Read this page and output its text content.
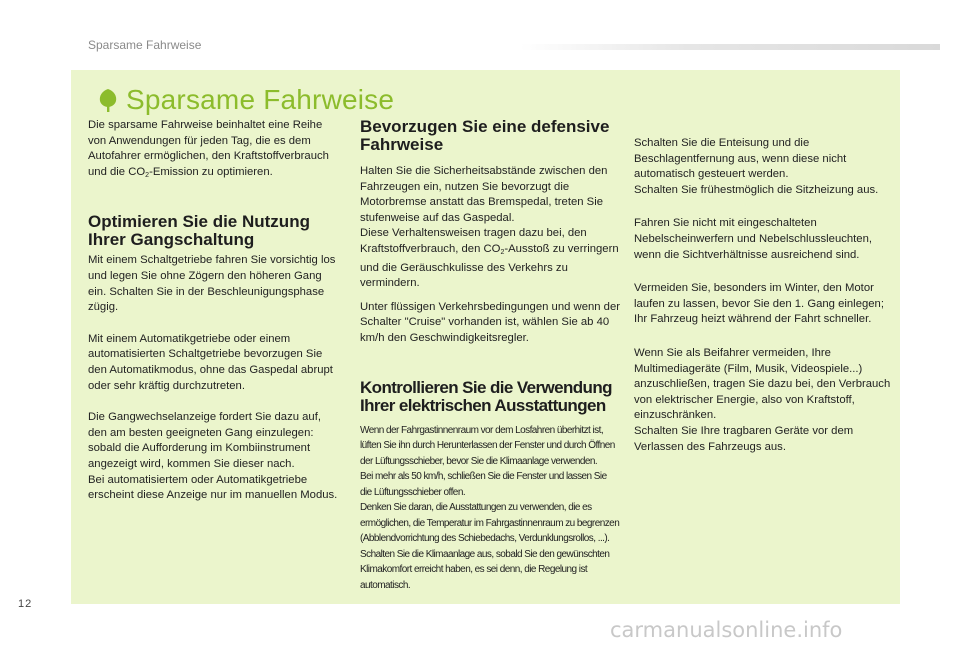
Sparsame Fahrweise
Sparsame Fahrweise

Die sparsame Fahrweise beinhaltet eine Reihe von Anwendungen für jeden Tag, die es dem Autofahrer ermöglichen, den Kraftstoffverbrauch und die $CO_2$-Emission zu optimieren.

Optimieren Sie die Nutzung Ihrer Gangschaltung

Mit einem Schaltgetriebe fahren Sie vorsichtig los und legen Sie ohne Zögern den höheren Gang ein. Schalten Sie in der Beschleunigungsphase zügig.

Mit einem Automatikgetriebe oder einem automatisierten Schaltgetriebe bevorzugen Sie den Automatikmodus, ohne das Gaspedal abrupt oder sehr kräftig durchzutreten.

Die Gangwechselanzeige fordert Sie dazu auf, den am besten geeigneten Gang einzulegen: sobald die Aufforderung im Kombiinstrument angezeigt wird, kommen Sie dieser nach.

Bei automatisiertem oder Automatikgetriebe erscheint diese Anzeige nur im manuellen Modus.

Bevorzugen Sie eine defensive Fahrweise

Halten Sie die Sicherheitsabstände zwischen den Fahrzeugen ein, nutzen Sie bevorzugt die Motorbremse anstatt das Bremspedal, treten Sie stufenweise auf das Gaspedal.

Diese Verhaltensweisen tragen dazu bei, den Kraftstoffverbrauch, den $CO_2$-Ausstoß zu verringern und die Geräuschkulisse des Verkehrs zu vermindern.

Unter flüssigen Verkehrsbedingungen und wenn der Schalter "Cruise" vorhanden ist, wählen Sie ab 40 km/h den Geschwindigkeitsregler.

Kontrollieren Sie die Verwendung Ihrer elektrischen Ausstattungen
Wenn der Fahrgastinnenraum vor dem Losfahren überhitzt ist, lüften Sie ihn durch Herunterlassen der Fenster und durch Öffnen der Lüftungsschieber, bevor Sie die Klimaanlage verwenden.
Bei mehr als 50 km/h, schließen Sie die Fenster und lassen Sie die Lüftungsschieber offen.
Denken Sie daran, die Ausstattungen zu verwenden, die es ermöglichen, die Temperatur im Fahrgastinnenraum zu begrenzen (Abblendvorrichtung des Schiebedachs, Verdunklungsrollos, ...).
Schalten Sie die Klimaanlage aus, sobald Sie den gewünschten Klimakomfort erreicht haben, es sei denn, die Regelung ist automatisch.

Schalten Sie die Enteisung und die Beschlagentfernung aus, wenn diese nicht automatisch gesteuert werden.

Schalten Sie frühestmöglich die Sitzheizung aus.

Fahren Sie nicht mit eingeschalteten Nebelscheinwerfern und Nebelschlussleuchten, wenn die Sichtverhältnisse ausreichend sind.

Vermeiden Sie, besonders im Winter, den Motor laufen zu lassen, bevor Sie den 1. Gang einlegen; Ihr Fahrzeug heizt während der Fahrt schneller.

Wenn Sie als Beifahrer vermeiden, Ihre Multimediageräte (Film, Musik, Videospiele...) anzuschließen, tragen Sie dazu bei, den Verbrauch von elektrischer Energie, also von Kraftstoff, einzuschränken.

Schalten Sie Ihre tragbaren Geräte vor dem Verlassen des Fahrzeugs aus.

12
carmanualsonline.info
